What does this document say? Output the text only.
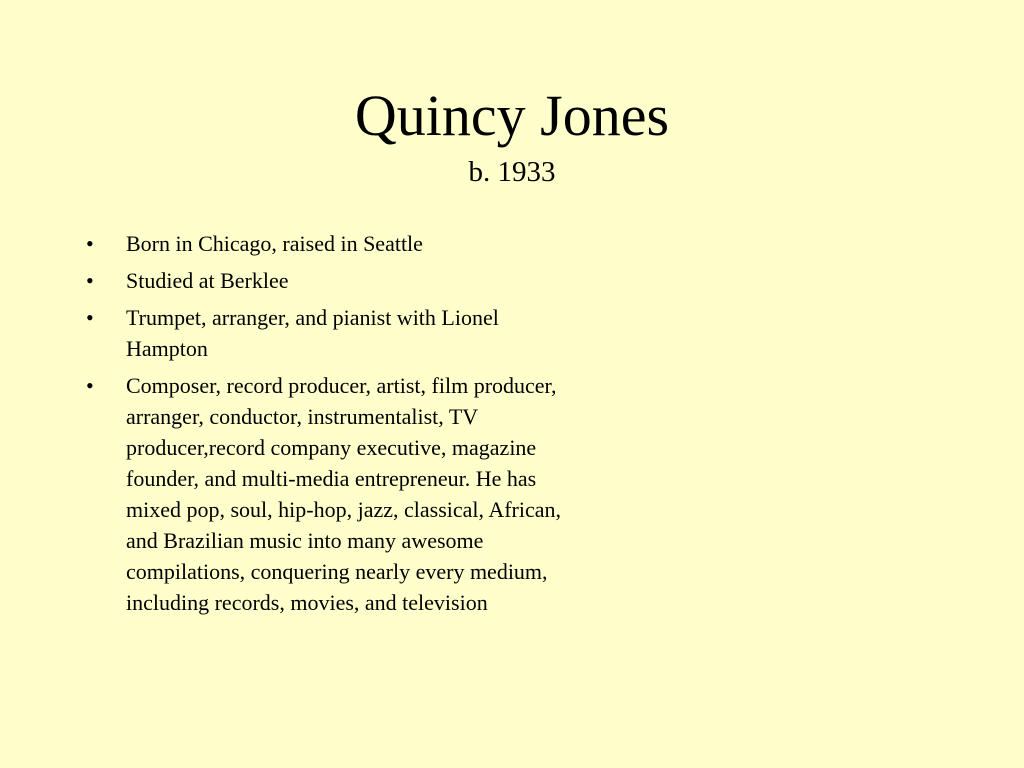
Quincy Jones

b. 1933

•	Born in Chicago, raised in Seattle
•	Studied at Berklee
•	Trumpet, arranger, and pianist with Lionel Hampton
•	Composer, record producer, artist, film producer, arranger, conductor, instrumentalist, TV producer,record company executive, magazine founder, and multi-media entrepreneur. He has mixed pop, soul, hip-hop, jazz, classical, African, and Brazilian music into many awesome compilations, conquering nearly every medium, including records, movies, and television
